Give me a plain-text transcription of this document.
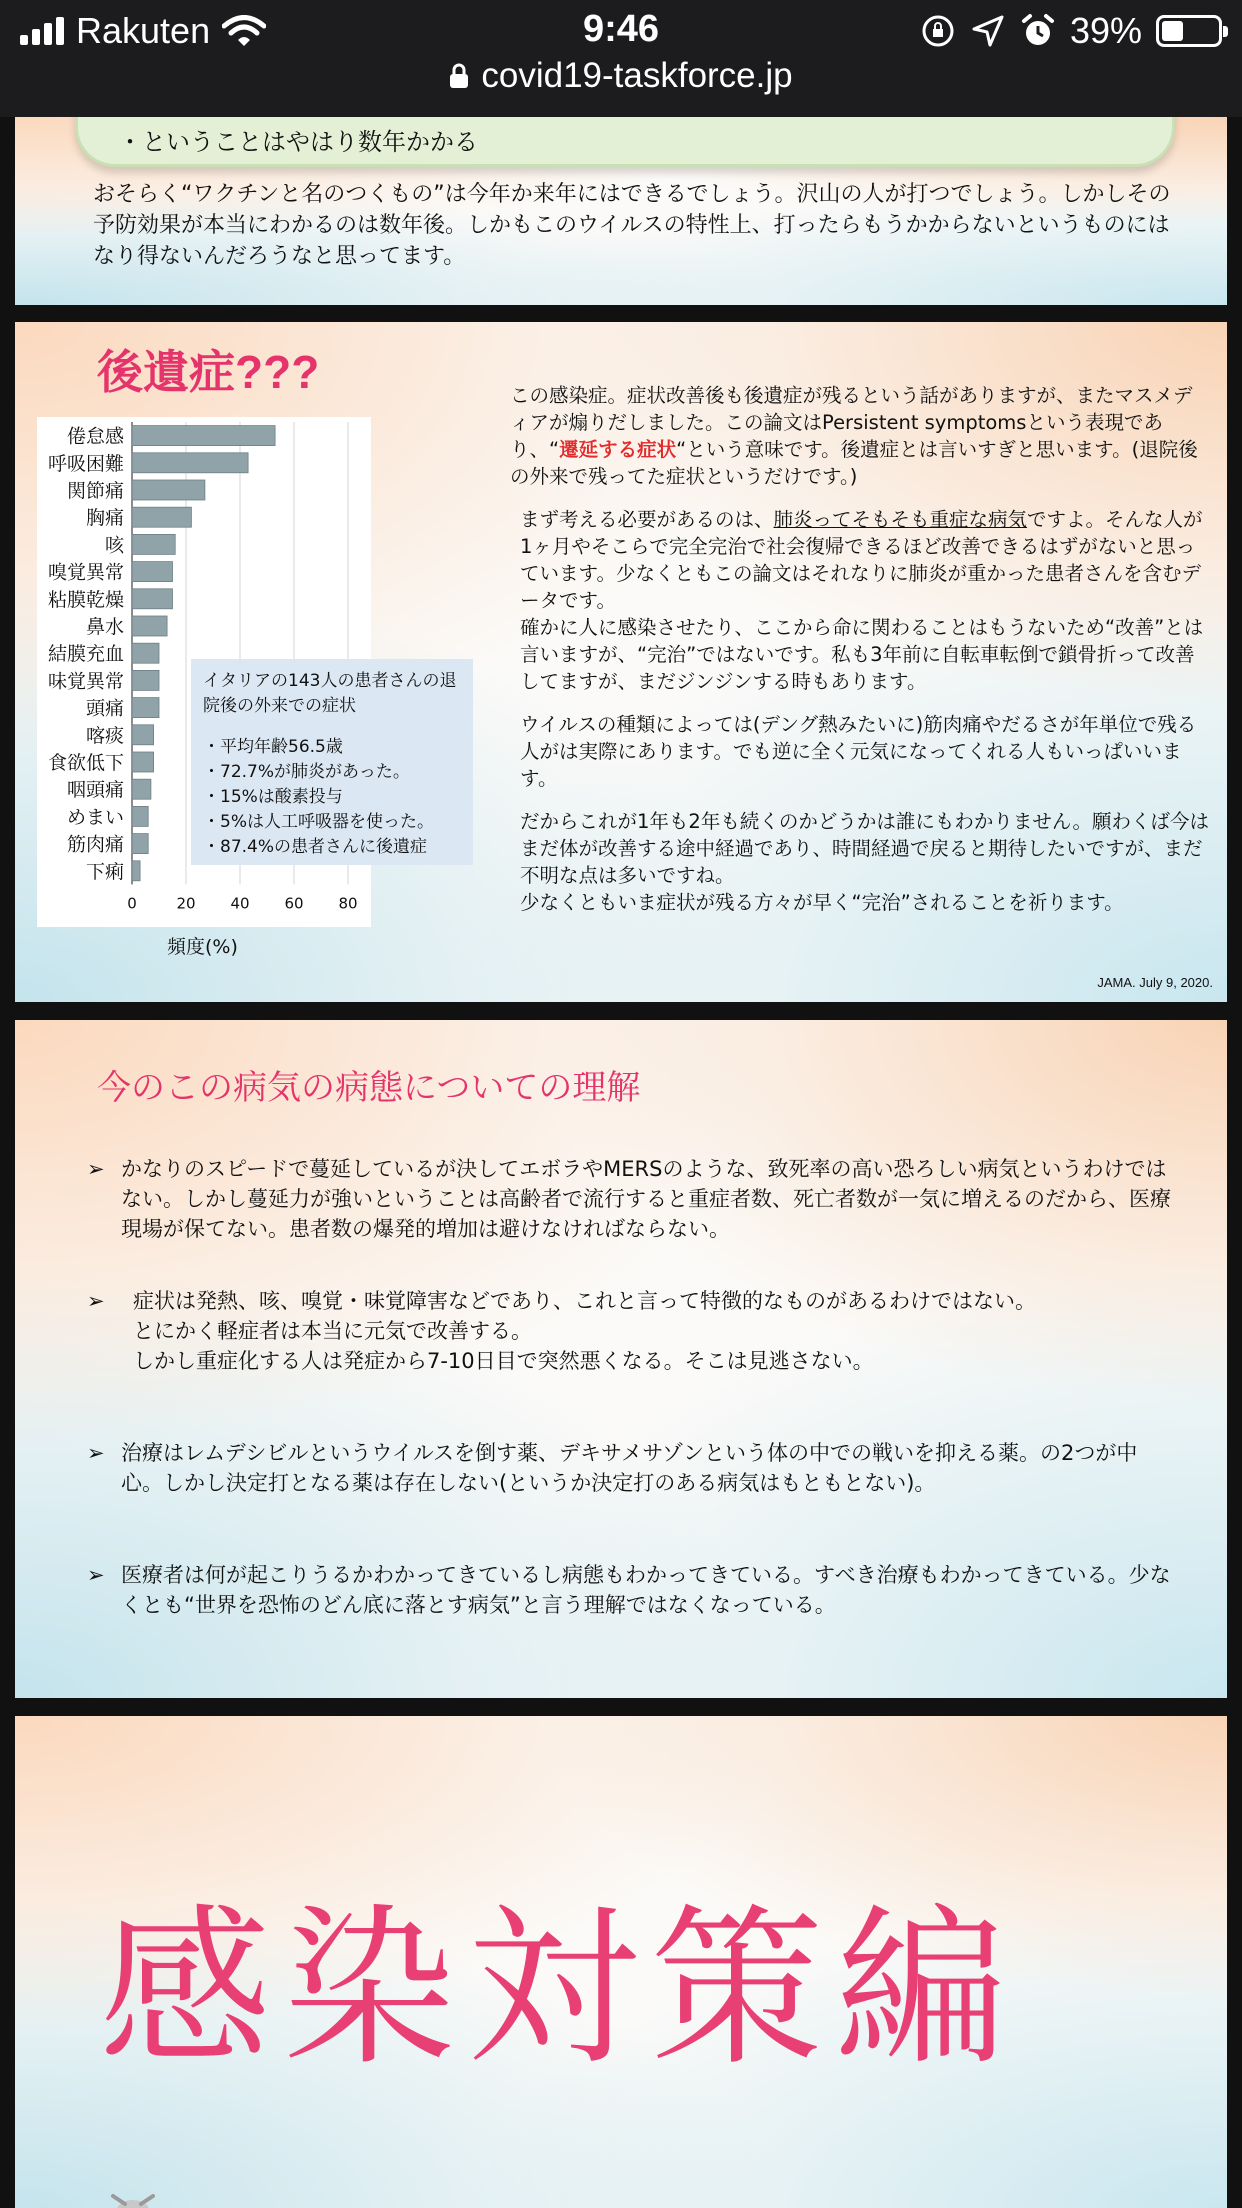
Rakuten	9:46	39%
covid19-taskforce.jp
・ということはやはり数年かかる

おそらく“ワクチンと名のつくもの”は今年か来年にはできるでしょう。沢山の人が打つでしょう。しかしその予防効果が本当にわかるのは数年後。しかもこのウイルスの特性上、打ったらもうかからないというものにはなり得ないんだろうなと思ってます。

後遺症???
倦怠感
呼吸困難
関節痛
胸痛
咳
嗅覚異常
粘膜乾燥
鼻水
結膜充血
味覚異常
頭痛
喀痰
食欲低下
咽頭痛
めまい
筋肉痛
下痢
0	20 40 60 80
頻度(%)
イタリアの143人の患者さんの退院後の外来での症状
・平均年齢56.5歳
・72.7%が肺炎があった。
・15%は酸素投与
・5%は人工呼吸器を使った。
・87.4%の患者さんに後遺症

この感染症。症状改善後も後遺症が残るという話がありますが、またマスメディアが煽りだしました。この論文はPersistent symptomsという表現であり、“遷延する症状“という意味です。後遺症とは言いすぎと思います。(退院後の外来で残ってた症状というだけです。)

まず考える必要があるのは、肺炎ってそもそも重症な病気ですよ。そんな人が1ヶ月やそこらで完全完治で社会復帰できるほど改善できるはずがないと思っています。少なくともこの論文はそれなりに肺炎が重かった患者さんを含むデータです。
確かに人に感染させたり、ここから命に関わることはもうないため“改善”とは言いますが、“完治”ではないです。私も3年前に自転車転倒で鎖骨折って改善してますが、まだジンジンする時もあります。

ウイルスの種類によっては(デング熱みたいに)筋肉痛やだるさが年単位で残る人がは実際にあります。でも逆に全く元気になってくれる人もいっぱいいます。

だからこれが1年も2年も続くのかどうかは誰にもわかりません。願わくば今はまだ体が改善する途中経過であり、時間経過で戻ると期待したいですが、まだ不明な点は多いですね。
少なくともいま症状が残る方々が早く“完治”されることを祈ります。

JAMA. July 9, 2020.
今のこの病気の病態についての理解
➢ かなりのスピードで蔓延しているが決してエボラやMERSのような、致死率の高い恐ろしい病気というわけではない。しかし蔓延力が強いということは高齢者で流行すると重症者数、死亡者数が一気に増えるのだから、医療現場が保てない。患者数の爆発的増加は避けなければならない。
➢ 症状は発熱、咳、嗅覚・味覚障害などであり、これと言って特徴的なものがあるわけではない。
とにかく軽症者は本当に元気で改善する。
しかし重症化する人は発症から7-10日目で突然悪くなる。そこは見逃さない。
➢ 治療はレムデシビルというウイルスを倒す薬、デキサメサゾンという体の中での戦いを抑える薬。の2つが中心。しかし決定打となる薬は存在しない(というか決定打のある病気はもともとない)。
➢ 医療者は何が起こりうるかわかってきているし病態もわかってきている。すべき治療もわかってきている。少なくとも“世界を恐怖のどん底に落とす病気”と言う理解ではなくなっている。
感染対策編
